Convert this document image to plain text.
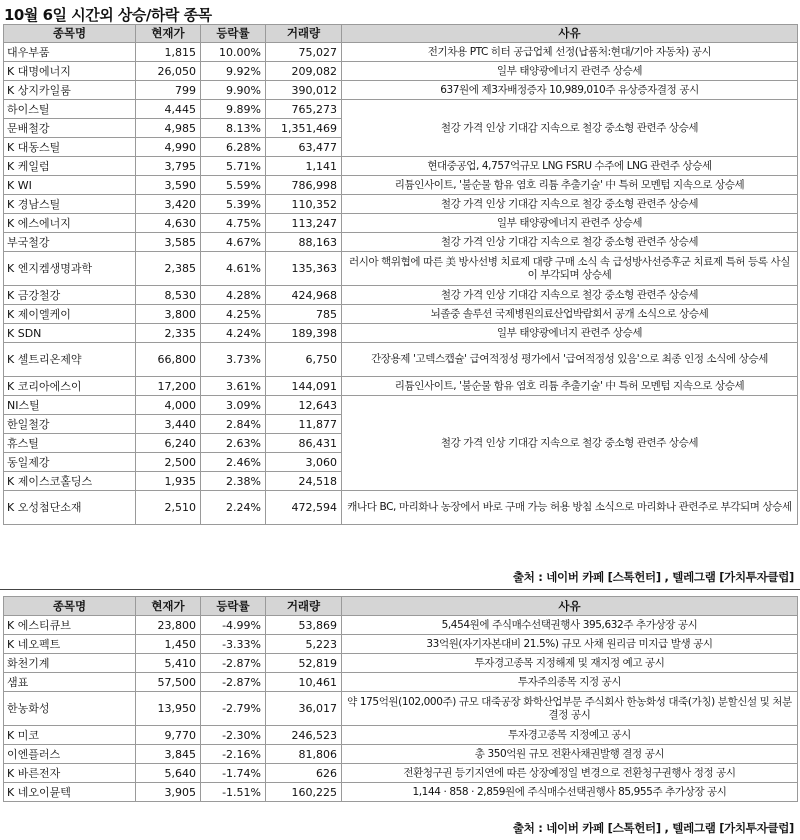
10월 6일 시간외 상승/하락 종목
종목명	현재가	등락률	거래량	사유
대우부품	1,815	10.00%	75,027	전기차용 PTC 히터 공급업체 선정(납품처:현대/기아 자동차) 공시
K 대명에너지	26,050	9.92%	209,082	일부 태양광에너지 관련주 상승세
K 상지카일룸	799	9.90%	390,012	637원에 제3자배정증자 10,989,010주 유상증자결정 공시
하이스틸	4,445	9.89%	765,273	철강 가격 인상 기대감 지속으로 철강 중소형 관련주 상승세
문배철강	4,985	8.13%	1,351,469	
K 대동스틸	4,990	6.28%	63,477	
K 케일럼	3,795	5.71%	1,141	현대중공업, 4,757억규모 LNG FSRU 수주에 LNG 관련주 상승세
K WI	3,590	5.59%	786,998	리튬인사이트, '불순물 함유 염호 리튬 추출기술' 中 특허 모멘텀 지속으로 상승세
K 경남스틸	3,420	5.39%	110,352	철강 가격 인상 기대감 지속으로 철강 중소형 관련주 상승세
K 에스에너지	4,630	4.75%	113,247	일부 태양광에너지 관련주 상승세
부국철강	3,585	4.67%	88,163	철강 가격 인상 기대감 지속으로 철강 중소형 관련주 상승세
K 엔지켐생명과학	2,385	4.61%	135,363	러시아 핵위협에 따른 美 방사선병 치료제 대량 구매 소식 속 급성방사선증후군 치료제 특허 등록 사실이 부각되며 상승세
K 금강철강	8,530	4.28%	424,968	철강 가격 인상 기대감 지속으로 철강 중소형 관련주 상승세
K 제이엘케이	3,800	4.25%	785	뇌졸중 솔루션 국제병원의료산업박람회서 공개 소식으로 상승세
K SDN	2,335	4.24%	189,398	일부 태양광에너지 관련주 상승세
K 셀트리온제약	66,800	3.73%	6,750	간장용제 '고덱스캡슐' 급여적정성 평가에서 '급여적정성 있음'으로 최종 인정 소식에 상승세
K 코리아에스이	17,200	3.61%	144,091	리튬인사이트, '불순물 함유 염호 리튬 추출기술' 中 특허 모멘텀 지속으로 상승세
NI스틸	4,000	3.09%	12,643	철강 가격 인상 기대감 지속으로 철강 중소형 관련주 상승세
한일철강	3,440	2.84%	11,877	
휴스틸	6,240	2.63%	86,431	
동일제강	2,500	2.46%	3,060	
K 제이스코홀딩스	1,935	2.38%	24,518	
K 오성첨단소재	2,510	2.24%	472,594	캐나다 BC, 마리화나 농장에서 바로 구매 가능 허용 방침 소식으로 마리화나 관련주로 부각되며 상승세
출처 : 네이버 카페 [스톡헌터] , 텔레그램 [가치투자클럽]
종목명	현재가	등락률	거래량	사유
K 에스티큐브	23,800	-4.99%	53,869	5,454원에 주식매수선택권행사 395,632주 추가상장 공시
K 네오펙트	1,450	-3.33%	5,223	33억원(자기자본대비 21.5%) 규모 사채 원리금 미지급 발생 공시
화천기계	5,410	-2.87%	52,819	투자경고종목 지정해제 및 재지정 예고 공시
샘표	57,500	-2.87%	10,461	투자주의종목 지정 공시
한농화성	13,950	-2.79%	36,017	약 175억원(102,000주) 규모 대죽공장 화학산업부문 주식회사 한농화성 대죽(가칭) 분할신설 및 처분 결정 공시
K 미코	9,770	-2.30%	246,523	투자경고종목 지정예고 공시
이엔플러스	3,845	-2.16%	81,806	총 350억원 규모 전환사채권발행 결정 공시
K 바른전자	5,640	-1.74%	626	전환청구권 등기지연에 따른 상장예정일 변경으로 전환청구권행사 정정 공시
K 네오이뮨텍	3,905	-1.51%	160,225	1,144 · 858 · 2,859원에 주식매수선택권행사 85,955주 추가상장 공시
출처 : 네이버 카페 [스톡헌터] , 텔레그램 [가치투자클럽]
